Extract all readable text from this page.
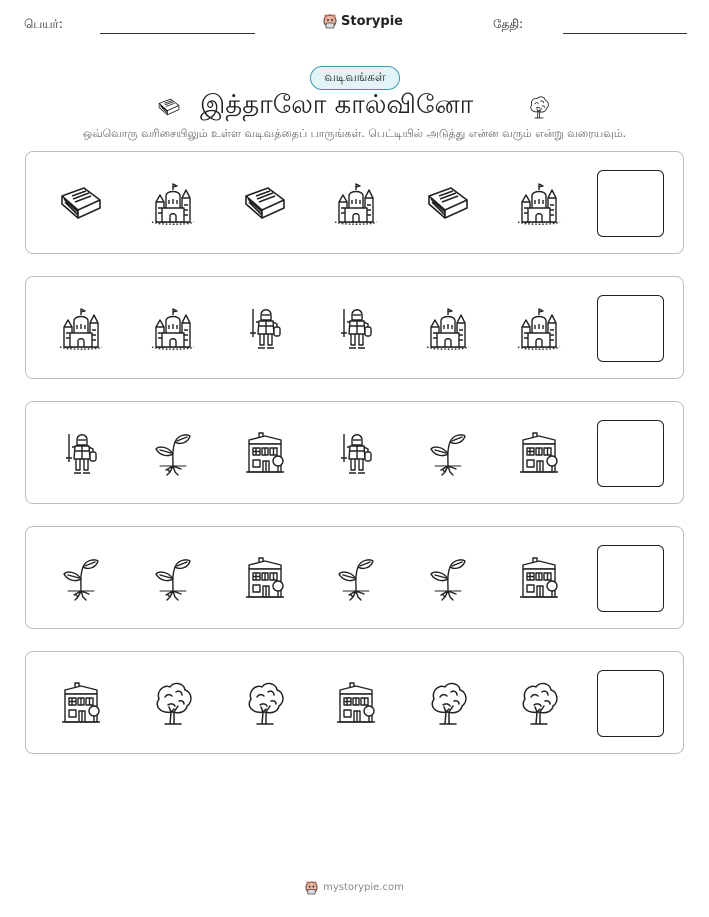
பெயர்:	Storypie	தேதி:
வடிவங்கள்
இத்தாலோ கால்வினோ
ஒவ்வொரு வரிசையிலும் உள்ள வடிவத்தைப் பாருங்கள். பெட்டியில் அடுத்து என்ன வரும் என்று வரையவும்.
mystorypie.com
